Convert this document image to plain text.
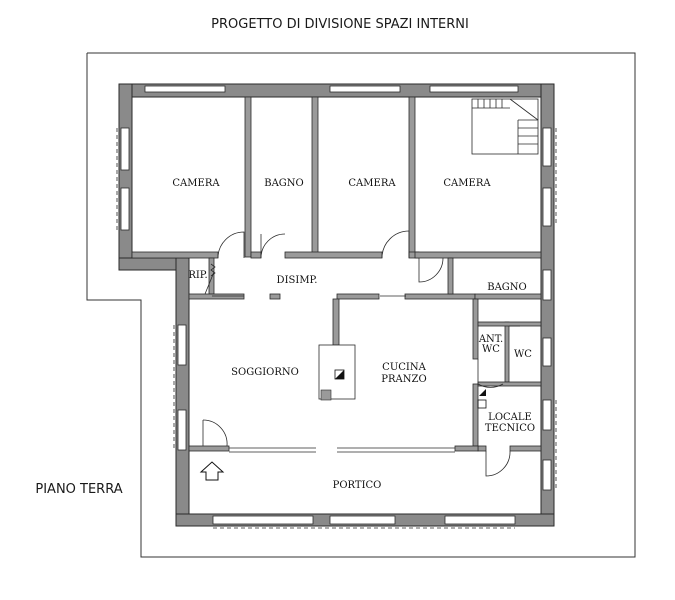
PROGETTO DI DIVISIONE SPAZI INTERNI
PIANO TERRA
CAMERA	BAGNO	CAMERA	CAMERA
RIP.	DISIMP.
BAGNO
ANT.
WC WC
SOGGIORNO	CUCINA
PRANZO
LOCALE
TECNICO
PORTICO
